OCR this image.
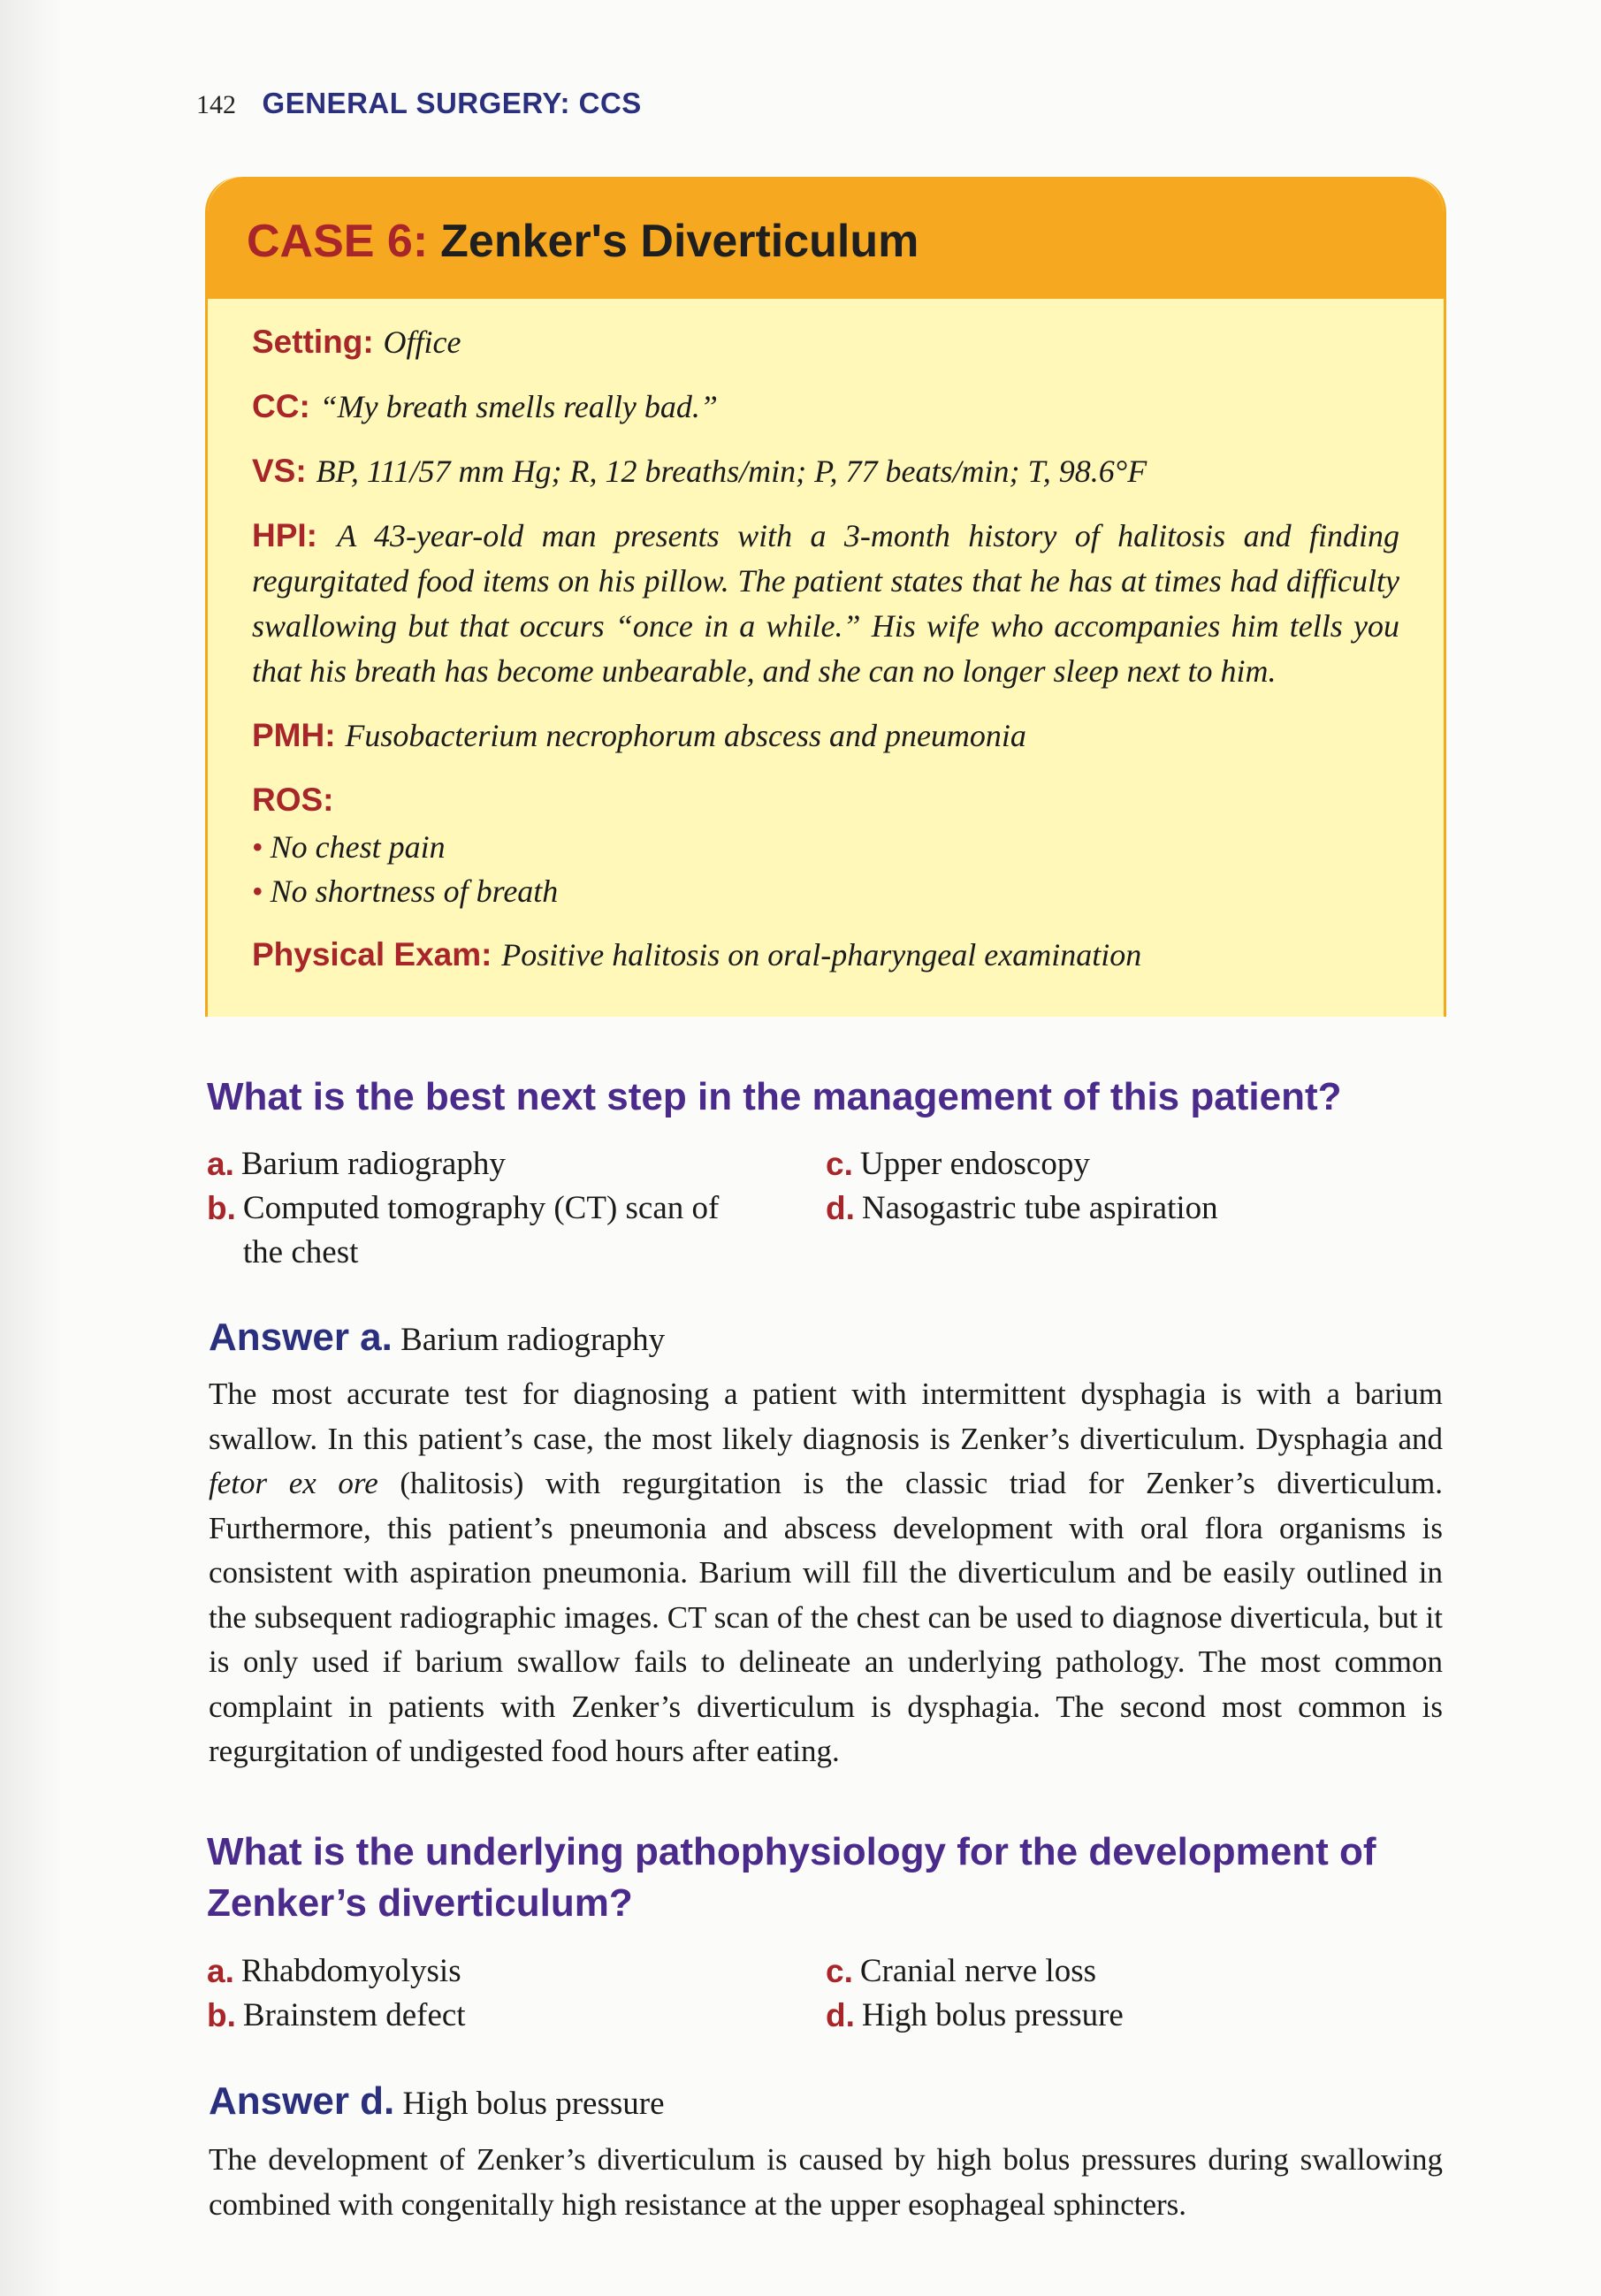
142 GENERAL SURGERY: CCS
CASE 6: Zenker's Diverticulum

Setting: Office

CC: “My breath smells really bad.”

VS: BP, 111/57 mm Hg; R, 12 breaths/min; P, 77 beats/min; T, 98.6°F

HPI: A 43-year-old man presents with a 3-month history of halitosis and finding regurgitated food items on his pillow. The patient states that he has at times had difficulty swallowing but that occurs “once in a while.” His wife who accompanies him tells you that his breath has become unbearable, and she can no longer sleep next to him.

PMH: Fusobacterium necrophorum abscess and pneumonia

ROS:

• No chest pain
• No shortness of breath

Physical Exam: Positive halitosis on oral-pharyngeal examination

What is the best next step in the management of this patient?
a. Barium radiography
b. Computed tomography (CT) scan of the chest
c. Upper endoscopy
d. Nasogastric tube aspiration
Answer a. Barium radiography
The most accurate test for diagnosing a patient with intermittent dysphagia is with a barium swallow. In this patient’s case, the most likely diagnosis is Zenker’s diverticulum. Dysphagia and fetor ex ore (halitosis) with regurgitation is the classic triad for Zenker’s diverticulum. Furthermore, this patient’s pneumonia and abscess development with oral flora organisms is consistent with aspiration pneumonia. Barium will fill the diverticulum and be easily outlined in the subsequent radiographic images. CT scan of the chest can be used to diagnose diverticula, but it is only used if barium swallow fails to delineate an underlying pathology. The most common complaint in patients with Zenker’s diverticulum is dysphagia. The second most common is regurgitation of undigested food hours after eating.
What is the underlying pathophysiology for the development of Zenker’s diverticulum?
a. Rhabdomyolysis
b. Brainstem defect
c. Cranial nerve loss
d. High bolus pressure
Answer d. High bolus pressure
The development of Zenker’s diverticulum is caused by high bolus pressures during swallowing combined with congenitally high resistance at the upper esophageal sphincters.
